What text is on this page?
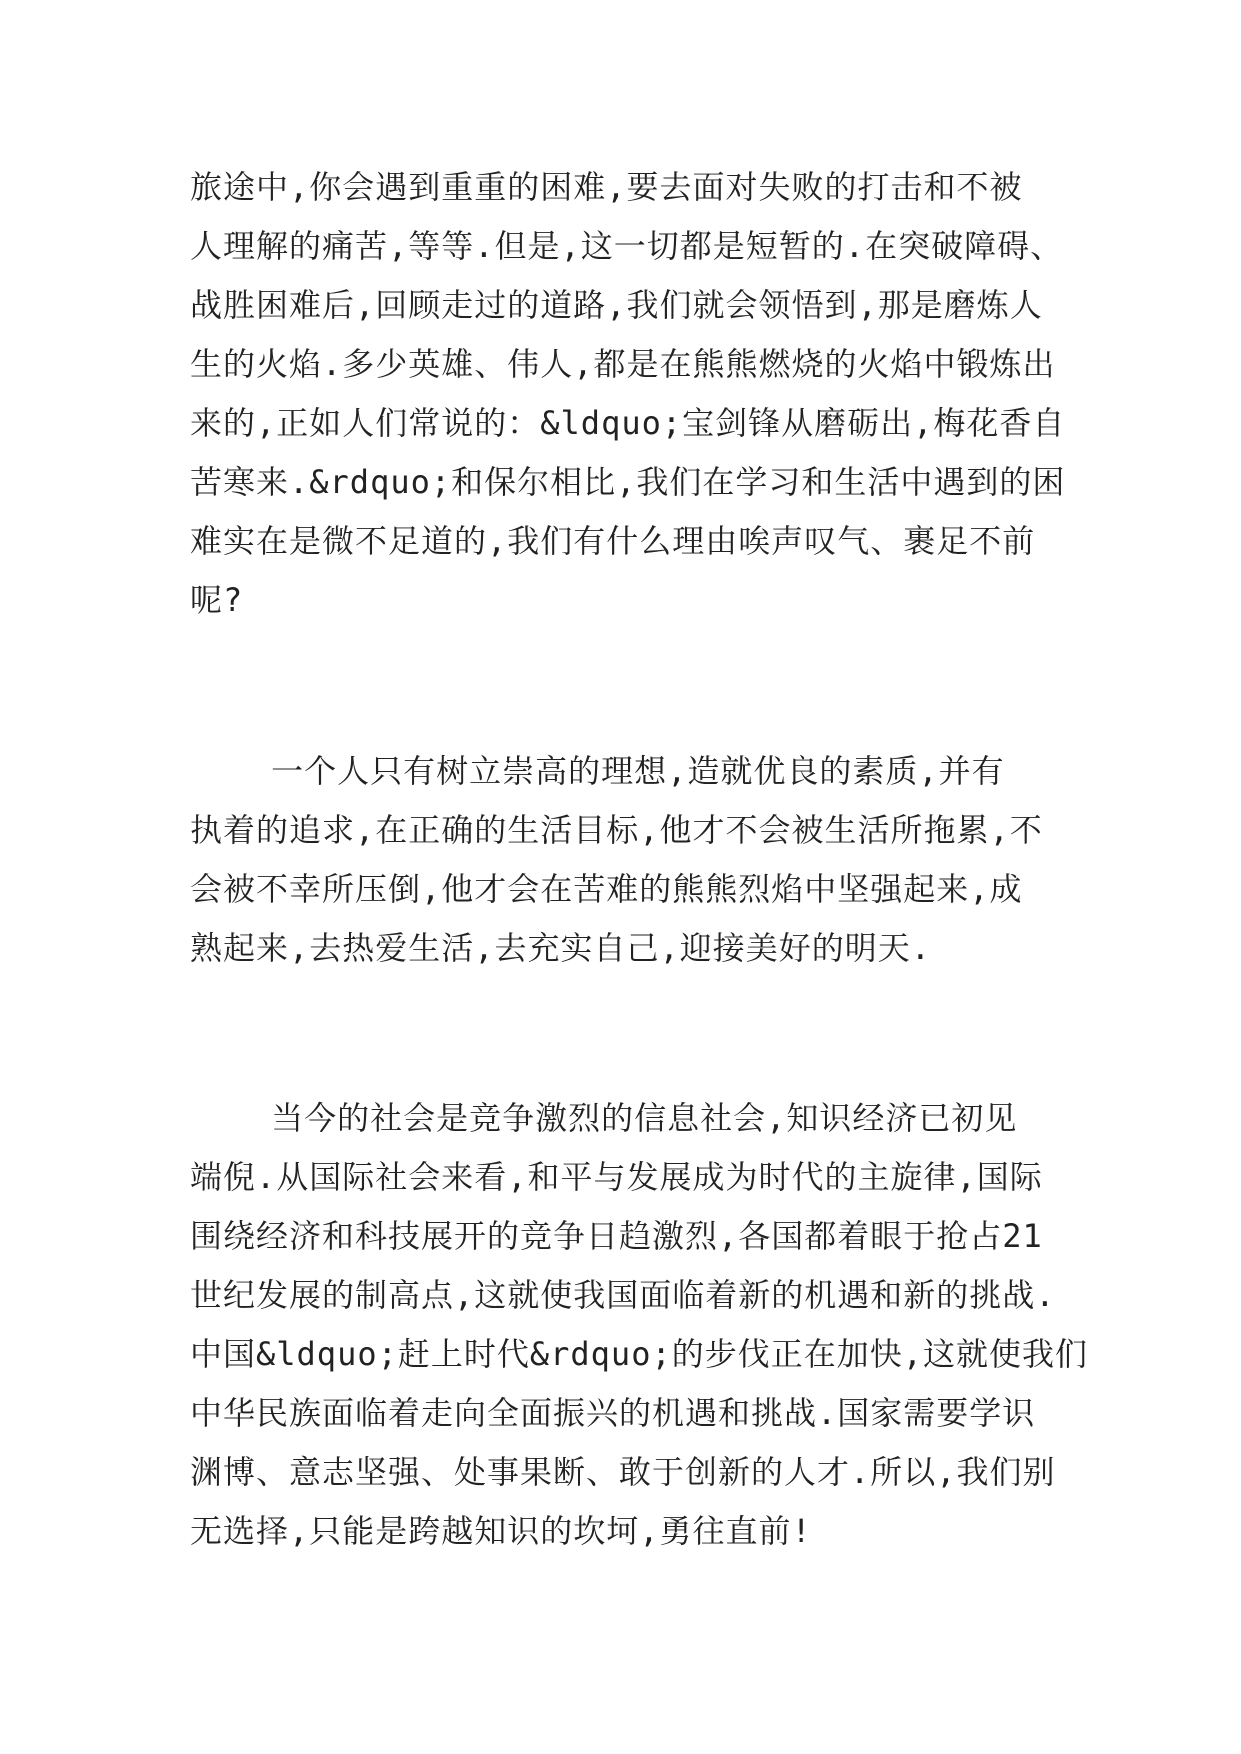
旅途中,你会遇到重重的困难,要去面对失败的打击和不被
人理解的痛苦,等等.但是,这一切都是短暂的.在突破障碍、
战胜困难后,回顾走过的道路,我们就会领悟到,那是磨炼人
生的火焰.多少英雄、伟人,都是在熊熊燃烧的火焰中锻炼出
来的,正如人们常说的：&ldquo;宝剑锋从磨砺出,梅花香自
苦寒来.&rdquo;和保尔相比,我们在学习和生活中遇到的困
难实在是微不足道的,我们有什么理由唉声叹气、裹足不前
呢?

一个人只有树立崇高的理想,造就优良的素质,并有
执着的追求,在正确的生活目标,他才不会被生活所拖累,不
会被不幸所压倒,他才会在苦难的熊熊烈焰中坚强起来,成
熟起来,去热爱生活,去充实自己,迎接美好的明天.

当今的社会是竞争激烈的信息社会,知识经济已初见
端倪.从国际社会来看,和平与发展成为时代的主旋律,国际
围绕经济和科技展开的竞争日趋激烈,各国都着眼于抢占21
世纪发展的制高点,这就使我国面临着新的机遇和新的挑战.
中国&ldquo;赶上时代&rdquo;的步伐正在加快,这就使我们
中华民族面临着走向全面振兴的机遇和挑战.国家需要学识
渊博、意志坚强、处事果断、敢于创新的人才.所以,我们别
无选择,只能是跨越知识的坎坷,勇往直前!
